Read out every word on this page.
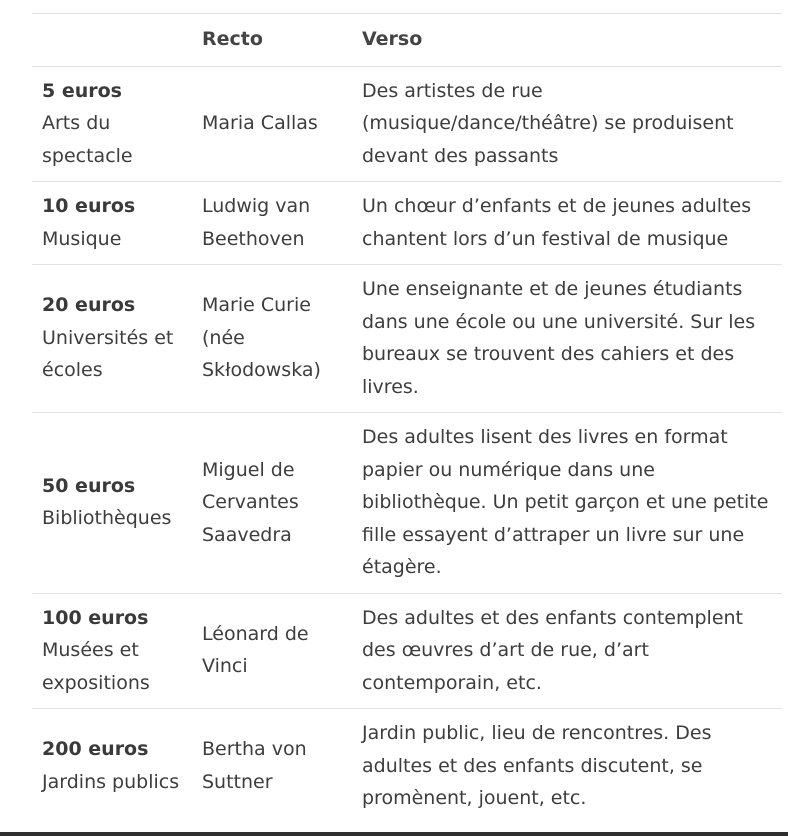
	Recto	Verso

5 euros
Arts du spectacle	Maria Callas	Des artistes de rue (musique/dance/théâtre) se produisent devant des passants

10 euros
Musique	Ludwig van Beethoven	Un chœur d’enfants et de jeunes adultes chantent lors d’un festival de musique

20 euros
Universités et écoles	Marie Curie (née Skłodowska)	Une enseignante et de jeunes étudiants dans une école ou une université. Sur les bureaux se trouvent des cahiers et des livres.

50 euros
Bibliothèques	Miguel de Cervantes Saavedra	Des adultes lisent des livres en format papier ou numérique dans une bibliothèque. Un petit garçon et une petite fille essayent d’attraper un livre sur une étagère.

100 euros
Musées et expositions	Léonard de Vinci	Des adultes et des enfants contemplent des œuvres d’art de rue, d’art contemporain, etc.

200 euros
Jardins publics	Bertha von Suttner	Jardin public, lieu de rencontres. Des adultes et des enfants discutent, se promènent, jouent, etc.
